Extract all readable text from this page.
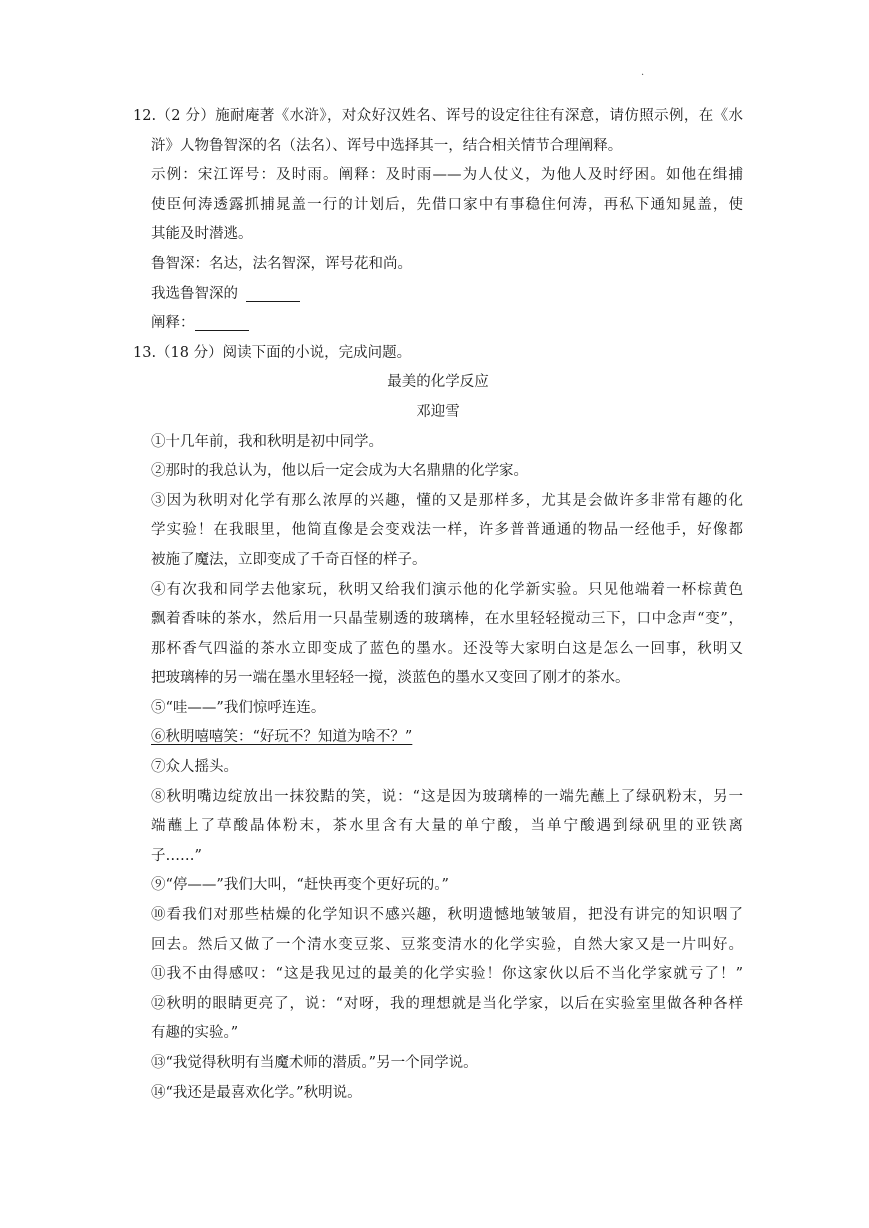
·
12.（2 分）施耐庵著《水浒》，对众好汉姓名、诨号的设定往往有深意，请仿照示例，在《水
浒》人物鲁智深的名（法名）、诨号中选择其一，结合相关情节合理阐释。
示例：宋江诨号：及时雨。阐释：及时雨——为人仗义，为他人及时纾困。如他在缉捕
使臣何涛透露抓捕晁盖一行的计划后，先借口家中有事稳住何涛，再私下通知晁盖，使
其能及时潜逃。
鲁智深：名达，法名智深，诨号花和尚。
我选鲁智深的
阐释：
13.（18 分）阅读下面的小说，完成问题。
最美的化学反应
邓迎雪
①十几年前，我和秋明是初中同学。
②那时的我总认为，他以后一定会成为大名鼎鼎的化学家。
③因为秋明对化学有那么浓厚的兴趣，懂的又是那样多，尤其是会做许多非常有趣的化
学实验！在我眼里，他简直像是会变戏法一样，许多普普通通的物品一经他手，好像都
被施了魔法，立即变成了千奇百怪的样子。
④有次我和同学去他家玩，秋明又给我们演示他的化学新实验。只见他端着一杯棕黄色
飘着香味的茶水，然后用一只晶莹剔透的玻璃棒，在水里轻轻搅动三下，口中念声“变”，
那杯香气四溢的茶水立即变成了蓝色的墨水。还没等大家明白这是怎么一回事，秋明又
把玻璃棒的另一端在墨水里轻轻一搅，淡蓝色的墨水又变回了刚才的茶水。
⑤“哇——”我们惊呼连连。
⑥秋明嘻嘻笑：“好玩不？知道为啥不？”
⑦众人摇头。
⑧秋明嘴边绽放出一抹狡黠的笑，说：“这是因为玻璃棒的一端先蘸上了绿矾粉末，另一
端蘸上了草酸晶体粉末，茶水里含有大量的单宁酸，当单宁酸遇到绿矾里的亚铁离
子……”
⑨“停——”我们大叫，“赶快再变个更好玩的。”
⑩看我们对那些枯燥的化学知识不感兴趣，秋明遗憾地皱皱眉，把没有讲完的知识咽了
回去。然后又做了一个清水变豆浆、豆浆变清水的化学实验，自然大家又是一片叫好。
⑪我不由得感叹：“这是我见过的最美的化学实验！你这家伙以后不当化学家就亏了！”
⑫秋明的眼睛更亮了，说：“对呀，我的理想就是当化学家，以后在实验室里做各种各样
有趣的实验。”
⑬“我觉得秋明有当魔术师的潜质。”另一个同学说。
⑭“我还是最喜欢化学。”秋明说。
